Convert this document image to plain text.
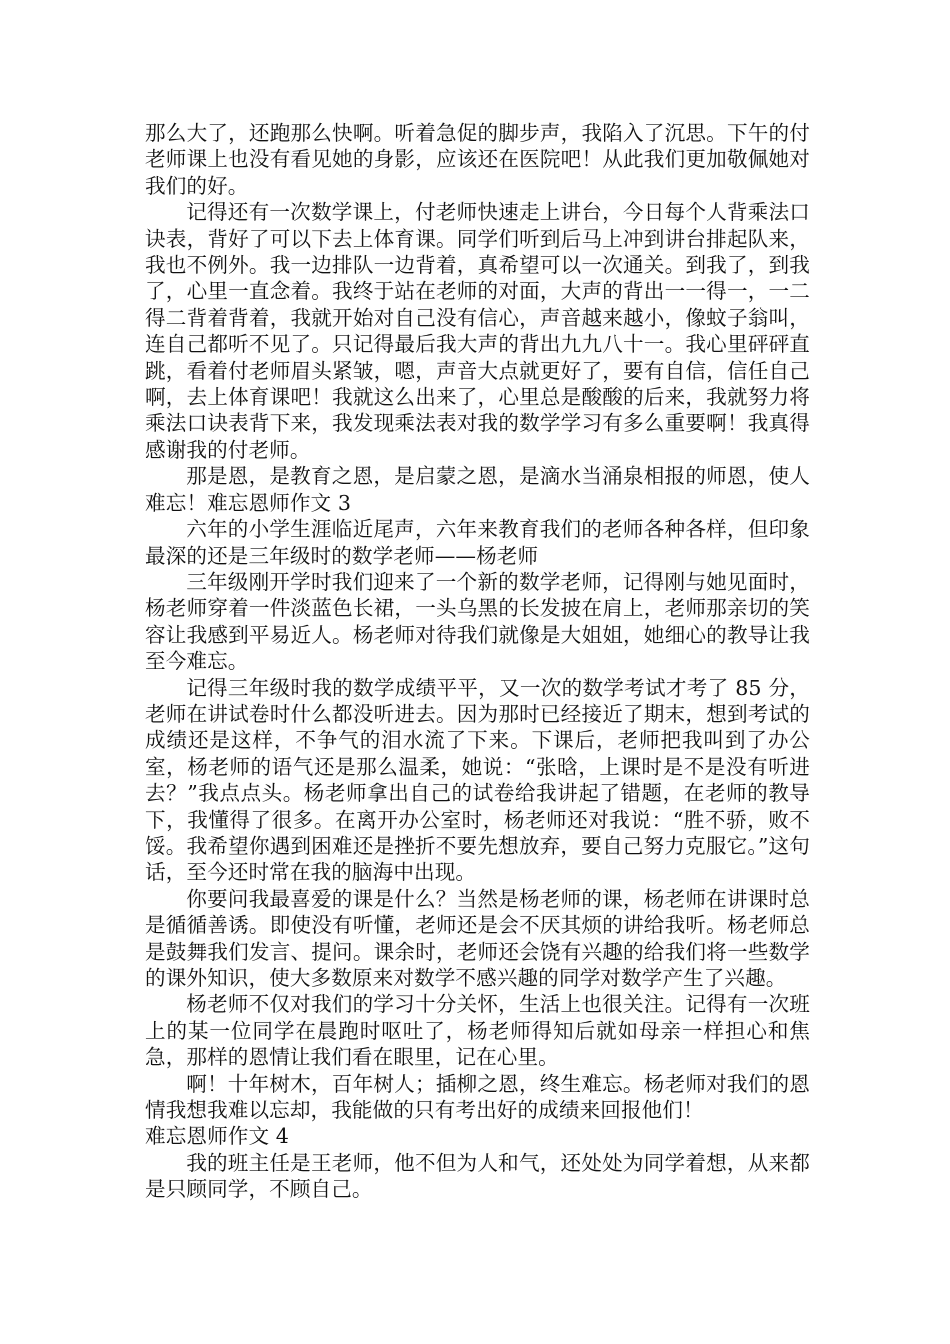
那么大了，还跑那么快啊。听着急促的脚步声，我陷入了沉思。下午的付老师课上也没有看见她的身影，应该还在医院吧！从此我们更加敬佩她对我们的好。

记得还有一次数学课上，付老师快速走上讲台，今日每个人背乘法口诀表，背好了可以下去上体育课。同学们听到后马上冲到讲台排起队来，我也不例外。我一边排队一边背着，真希望可以一次通关。到我了，到我了，心里一直念着。我终于站在老师的对面，大声的背出一一得一，一二得二背着背着，我就开始对自己没有信心，声音越来越小，像蚊子翁叫，连自己都听不见了。只记得最后我大声的背出九九八十一。我心里砰砰直跳，看着付老师眉头紧皱，嗯，声音大点就更好了，要有自信，信任自己啊，去上体育课吧！我就这么出来了，心里总是酸酸的后来，我就努力将乘法口诀表背下来，我发现乘法表对我的数学学习有多么重要啊！我真得感谢我的付老师。

那是恩，是教育之恩，是启蒙之恩，是滴水当涌泉相报的师恩，使人难忘！难忘恩师作文 3

六年的小学生涯临近尾声，六年来教育我们的老师各种各样，但印象最深的还是三年级时的数学老师——杨老师

三年级刚开学时我们迎来了一个新的数学老师，记得刚与她见面时，杨老师穿着一件淡蓝色长裙，一头乌黑的长发披在肩上，老师那亲切的笑容让我感到平易近人。杨老师对待我们就像是大姐姐，她细心的教导让我至今难忘。

记得三年级时我的数学成绩平平，又一次的数学考试才考了 85 分，老师在讲试卷时什么都没听进去。因为那时已经接近了期末，想到考试的成绩还是这样，不争气的泪水流了下来。下课后，老师把我叫到了办公室，杨老师的语气还是那么温柔，她说：“张晗，上课时是不是没有听进去？”我点点头。杨老师拿出自己的试卷给我讲起了错题，在老师的教导下，我懂得了很多。在离开办公室时，杨老师还对我说：“胜不骄，败不馁。我希望你遇到困难还是挫折不要先想放弃，要自己努力克服它。”这句话，至今还时常在我的脑海中出现。

你要问我最喜爱的课是什么？当然是杨老师的课，杨老师在讲课时总是循循善诱。即使没有听懂，老师还是会不厌其烦的讲给我听。杨老师总是鼓舞我们发言、提问。课余时，老师还会饶有兴趣的给我们将一些数学的课外知识，使大多数原来对数学不感兴趣的同学对数学产生了兴趣。

杨老师不仅对我们的学习十分关怀，生活上也很关注。记得有一次班上的某一位同学在晨跑时呕吐了，杨老师得知后就如母亲一样担心和焦急，那样的恩情让我们看在眼里，记在心里。

啊！十年树木，百年树人；插柳之恩，终生难忘。杨老师对我们的恩情我想我难以忘却，我能做的只有考出好的成绩来回报他们！

难忘恩师作文 4

我的班主任是王老师，他不但为人和气，还处处为同学着想，从来都是只顾同学，不顾自己。
